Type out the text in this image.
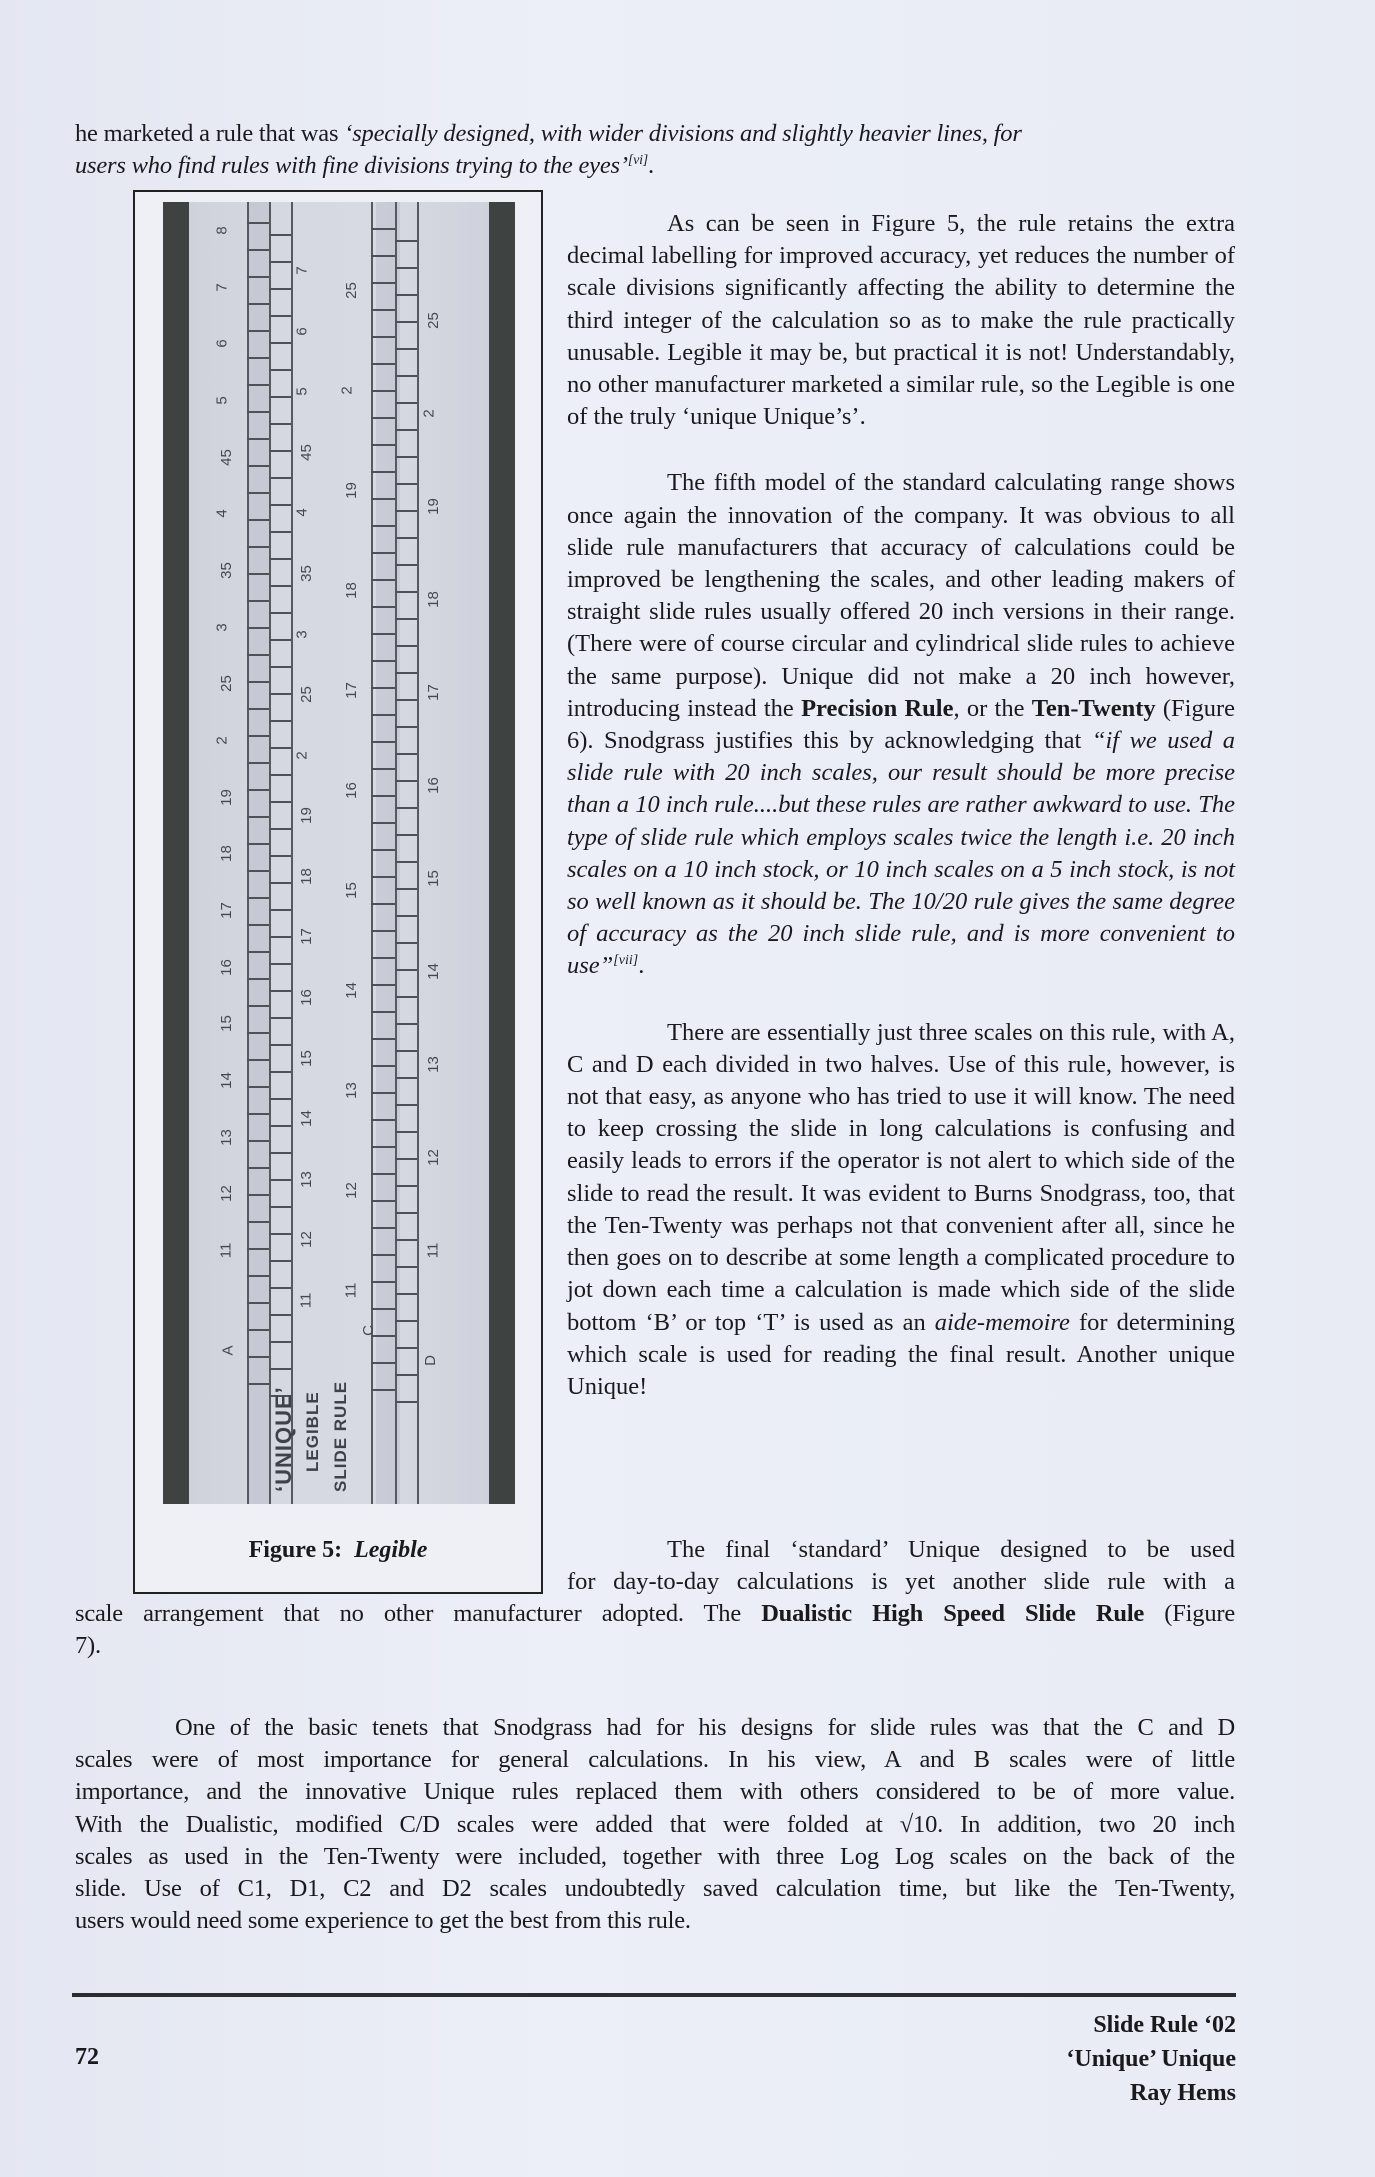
he marketed a rule that was ‘specially designed, with wider divisions and slightly heavier lines, for
users who find rules with fine divisions trying to the eyes’[vi].
8
7
6
5
45
4
35
3
25
2
19
18
17
16
15
14
13
12
11
7
6
5
45
4
35
3
25
2
19
18
17
16
15
14
13
12
11
25
2
19
18
17
16
15
14
13
12
11
25
2
19
18
17
16
15
14
13
12
11
A
C
D
‘UNIQUE’ LEGIBLE SLIDE RULE
Figure 5: Legible

As can be seen in Figure 5, the rule retains the extra decimal labelling for improved accuracy, yet reduces the number of scale divisions significantly affecting the ability to determine the third integer of the calculation so as to make the rule practically unusable. Legible it may be, but practical it is not! Understandably, no other manufacturer marketed a similar rule, so the Legible is one of the truly ‘unique Unique’s’.

The fifth model of the standard calculating range shows once again the innovation of the company. It was obvious to all slide rule manufacturers that accuracy of calculations could be improved be lengthening the scales, and other leading makers of straight slide rules usually offered 20 inch versions in their range. (There were of course circular and cylindrical slide rules to achieve the same purpose). Unique did not make a 20 inch however, introducing instead the Precision Rule, or the Ten-Twenty (Figure 6). Snodgrass justifies this by acknowledging that “if we used a slide rule with 20 inch scales, our result should be more precise than a 10 inch rule....but these rules are rather awkward to use. The type of slide rule which employs scales twice the length i.e. 20 inch scales on a 10 inch stock, or 10 inch scales on a 5 inch stock, is not so well known as it should be. The 10/20 rule gives the same degree of accuracy as the 20 inch slide rule, and is more convenient to use”[vii].

There are essentially just three scales on this rule, with A, C and D each divided in two halves. Use of this rule, however, is not that easy, as anyone who has tried to use it will know. The need to keep crossing the slide in long calculations is confusing and easily leads to errors if the operator is not alert to which side of the slide to read the result. It was evident to Burns Snodgrass, too, that the Ten-Twenty was perhaps not that convenient after all, since he then goes on to describe at some length a complicated procedure to jot down each time a calculation is made which side of the slide bottom ‘B’ or top ‘T’ is used as an aide-memoire for determining which scale is used for reading the final result. Another unique Unique!

The final ‘standard’ Unique designed to be used
for day-to-day calculations is yet another slide rule with a
scale arrangement that no other manufacturer adopted. The Dualistic High Speed Slide Rule (Figure
7).
One of the basic tenets that Snodgrass had for his designs for slide rules was that the C and D
scales were of most importance for general calculations. In his view, A and B scales were of little
importance, and the innovative Unique rules replaced them with others considered to be of more value.
With the Dualistic, modified C/D scales were added that were folded at √10. In addition, two 20 inch
scales as used in the Ten-Twenty were included, together with three Log Log scales on the back of the
slide. Use of C1, D1, C2 and D2 scales undoubtedly saved calculation time, but like the Ten-Twenty,
users would need some experience to get the best from this rule.
72
Slide Rule ‘02
‘Unique’ Unique
Ray Hems
